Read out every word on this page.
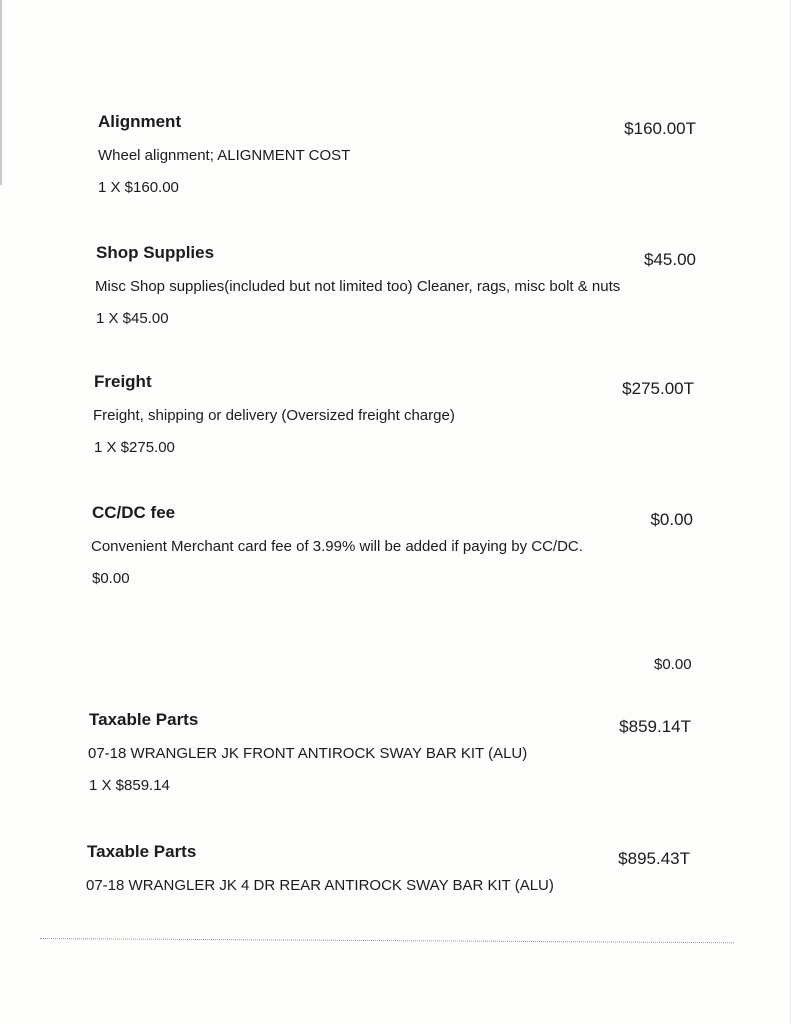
Alignment	$160.00T
Wheel alignment; ALIGNMENT COST
1 X $160.00
Shop Supplies	$45.00
Misc Shop supplies(included but not limited too) Cleaner, rags, misc bolt & nuts
1 X $45.00
Freight	$275.00T
Freight, shipping or delivery (Oversized freight charge)
1 X $275.00
CC/DC fee	$0.00
Convenient Merchant card fee of 3.99% will be added if paying by CC/DC.
$0.00
$0.00
Taxable Parts	$859.14T
07-18 WRANGLER JK FRONT ANTIROCK SWAY BAR KIT (ALU)
1 X $859.14
Taxable Parts	$895.43T
07-18 WRANGLER JK 4 DR REAR ANTIROCK SWAY BAR KIT (ALU)
